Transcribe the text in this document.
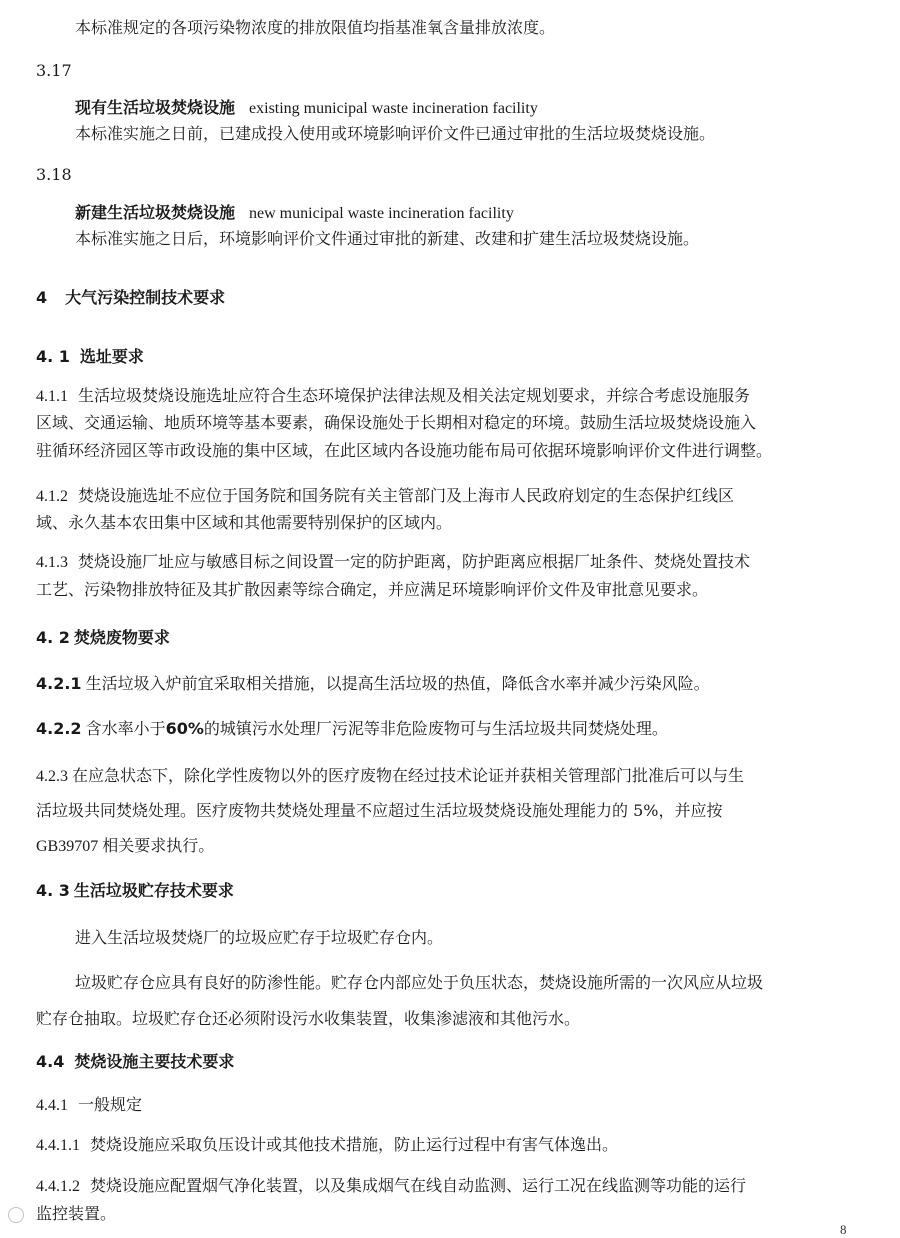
本标准规定的各项污染物浓度的排放限值均指基准氧含量排放浓度。
3.17
现有生活垃圾焚烧设施 existing municipal waste incineration facility
本标准实施之日前，已建成投入使用或环境影响评价文件已通过审批的生活垃圾焚烧设施。
3.18
新建生活垃圾焚烧设施 new municipal waste incineration facility
本标准实施之日后，环境影响评价文件通过审批的新建、改建和扩建生活垃圾焚烧设施。
4 大气污染控制技术要求
4. 1 选址要求
4.1.1 生活垃圾焚烧设施选址应符合生态环境保护法律法规及相关法定规划要求，并综合考虑设施服务
区域、交通运输、地质环境等基本要素，确保设施处于长期相对稳定的环境。鼓励生活垃圾焚烧设施入
驻循环经济园区等市政设施的集中区域，在此区域内各设施功能布局可依据环境影响评价文件进行调整。
4.1.2 焚烧设施选址不应位于国务院和国务院有关主管部门及上海市人民政府划定的生态保护红线区
域、永久基本农田集中区域和其他需要特别保护的区域内。
4.1.3 焚烧设施厂址应与敏感目标之间设置一定的防护距离，防护距离应根据厂址条件、焚烧处置技术
工艺、污染物排放特征及其扩散因素等综合确定，并应满足环境影响评价文件及审批意见要求。
4. 2 焚烧废物要求
4.2.1 生活垃圾入炉前宜采取相关措施，以提高生活垃圾的热值，降低含水率并减少污染风险。
4.2.2 含水率小于60%的城镇污水处理厂污泥等非危险废物可与生活垃圾共同焚烧处理。
4.2.3 在应急状态下，除化学性废物以外的医疗废物在经过技术论证并获相关管理部门批准后可以与生
活垃圾共同焚烧处理。医疗废物共焚烧处理量不应超过生活垃圾焚烧设施处理能力的 5%，并应按
GB39707 相关要求执行。
4. 3 生活垃圾贮存技术要求
进入生活垃圾焚烧厂的垃圾应贮存于垃圾贮存仓内。
垃圾贮存仓应具有良好的防渗性能。贮存仓内部应处于负压状态，焚烧设施所需的一次风应从垃圾
贮存仓抽取。垃圾贮存仓还必须附设污水收集装置，收集渗滤液和其他污水。
4.4 焚烧设施主要技术要求
4.4.1 一般规定
4.4.1.1 焚烧设施应采取负压设计或其他技术措施，防止运行过程中有害气体逸出。
4.4.1.2 焚烧设施应配置烟气净化装置，以及集成烟气在线自动监测、运行工况在线监测等功能的运行
监控装置。
8
